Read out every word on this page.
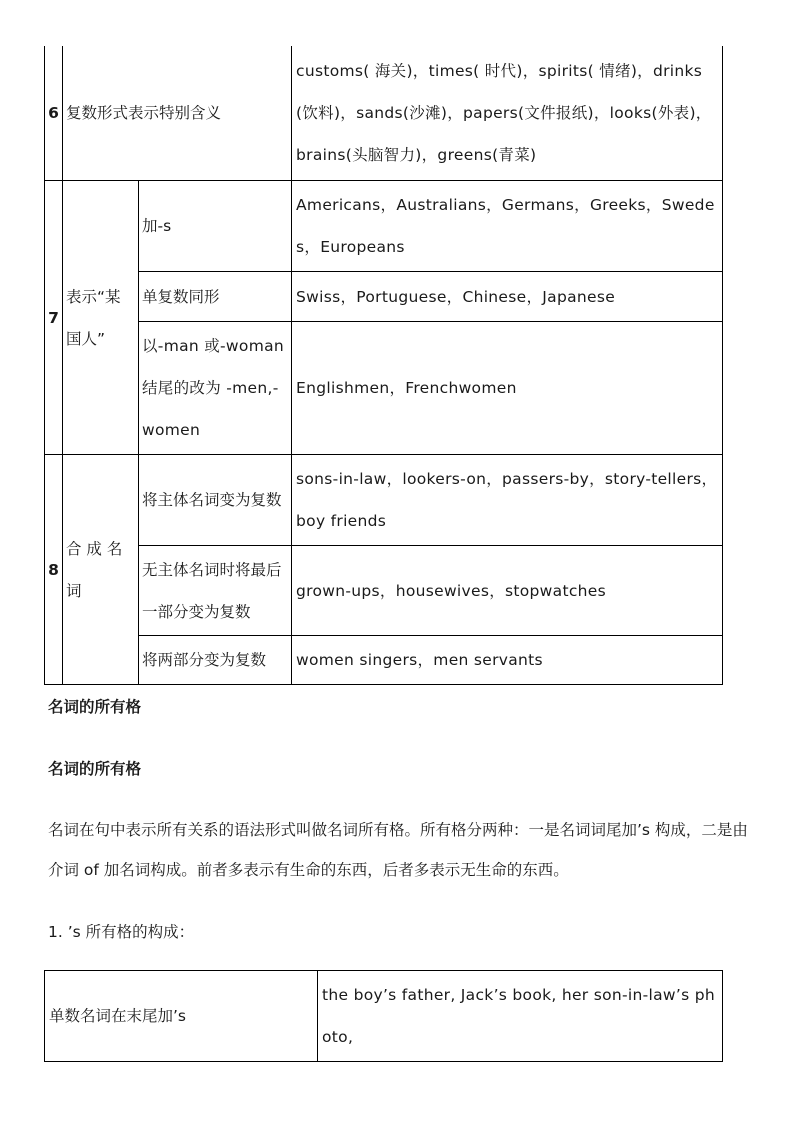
6	复数形式表示特别含义		customs( 海关)，times( 时代)，spirits( 情绪)，drinks (饮料)，sands(沙滩)，papers(文件报纸)，looks(外表)，brains(头脑智力)，greens(青菜)
7	表示“某国人”	加-s	Americans，Australians，Germans，Greeks，Swedes，Europeans
		单复数同形	Swiss，Portuguese，Chinese，Japanese
		以-man 或-woman 结尾的改为 -men,-women	Englishmen，Frenchwomen
8	合 成 名 词	将主体名词变为复数	sons-in-law，lookers-on，passers-by，story-tellers，boy friends
		无主体名词时将最后一部分变为复数	grown-ups，housewives，stopwatches
		将两部分变为复数	women singers，men servants
名词的所有格
名词的所有格

名词在句中表示所有关系的语法形式叫做名词所有格。所有格分两种：一是名词词尾加’s 构成，二是由介词 of 加名词构成。前者多表示有生命的东西，后者多表示无生命的东西。

1. ’s 所有格的构成：

单数名词在末尾加’s	the boy’s father, Jack’s book, her son-in-law’s photo,
